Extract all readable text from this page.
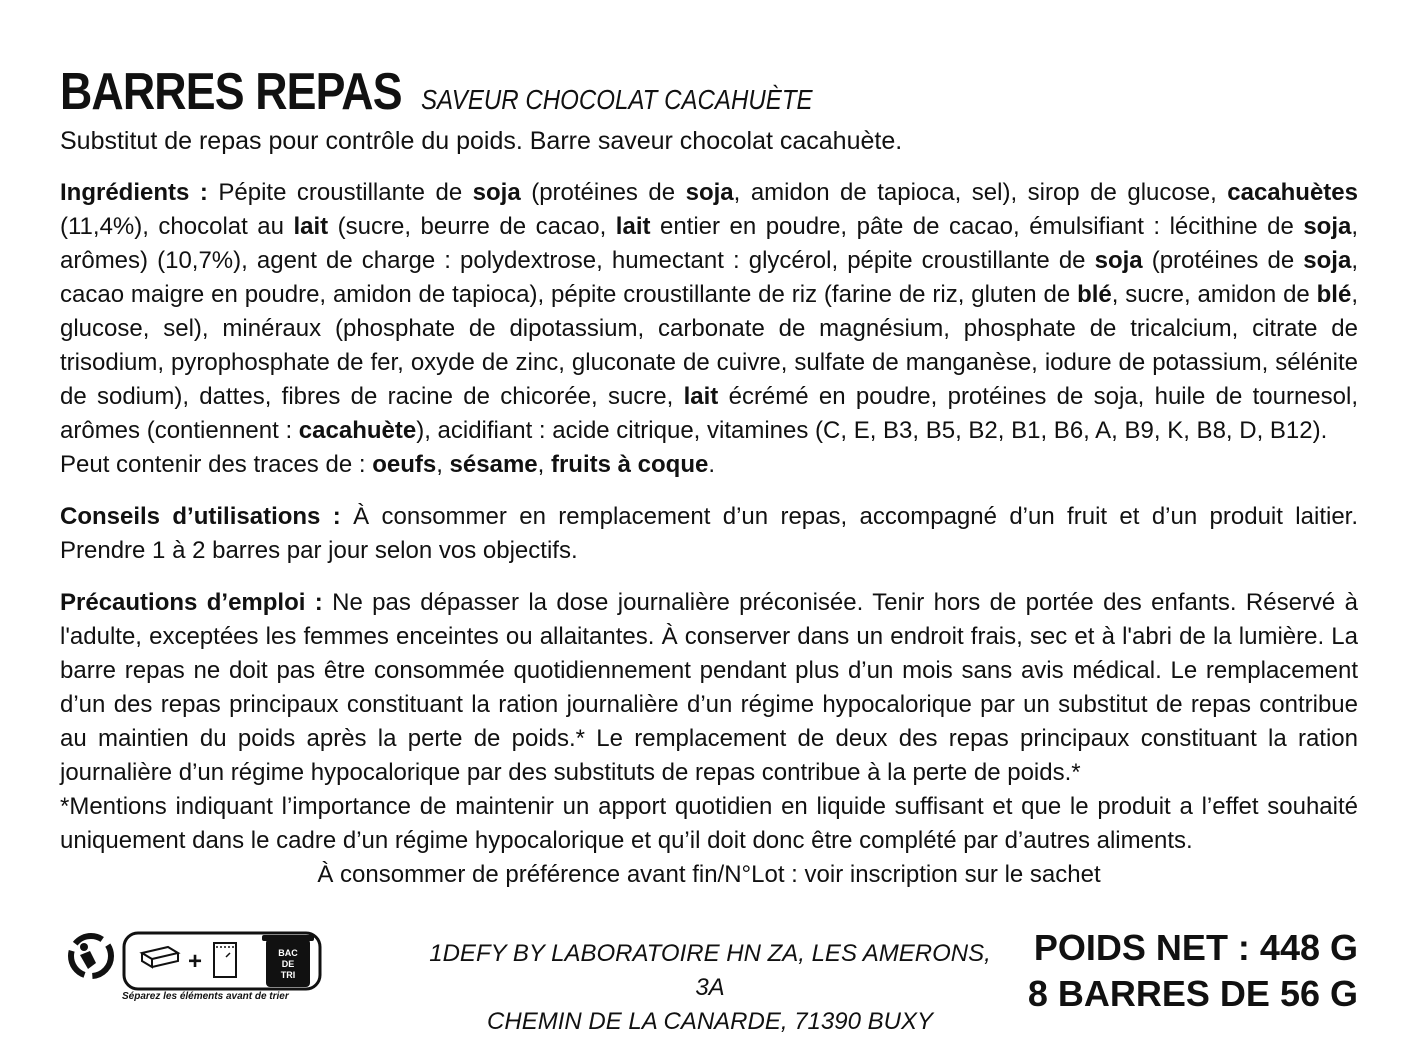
BARRES REPAS SAVEUR CHOCOLAT CACAHUÈTE

Substitut de repas pour contrôle du poids. Barre saveur chocolat cacahuète.

Ingrédients : Pépite croustillante de soja (protéines de soja, amidon de tapioca, sel), sirop de glucose, cacahuètes (11,4%), chocolat au lait (sucre, beurre de cacao, lait entier en poudre, pâte de cacao, émulsifiant : lécithine de soja, arômes) (10,7%), agent de charge : polydextrose, humectant : glycérol, pépite croustillante de soja (protéines de soja, cacao maigre en poudre, amidon de tapioca), pépite croustillante de riz (farine de riz, gluten de blé, sucre, amidon de blé, glucose, sel), minéraux (phosphate de dipotassium, carbonate de magnésium, phosphate de tricalcium, citrate de trisodium, pyrophosphate de fer, oxyde de zinc, gluconate de cuivre, sulfate de manganèse, iodure de potassium, sélénite de sodium), dattes, fibres de racine de chicorée, sucre, lait écrémé en poudre, protéines de soja, huile de tournesol, arômes (contiennent : cacahuète), acidifiant : acide citrique, vitamines (C, E, B3, B5, B2, B1, B6, A, B9, K, B8, D, B12).

Peut contenir des traces de : oeufs, sésame, fruits à coque.

Conseils d’utilisations : À consommer en remplacement d’un repas, accompagné d’un fruit et d’un produit laitier. Prendre 1 à 2 barres par jour selon vos objectifs.

Précautions d’emploi : Ne pas dépasser la dose journalière préconisée. Tenir hors de portée des enfants. Réservé à l'adulte, exceptées les femmes enceintes ou allaitantes. À conserver dans un endroit frais, sec et à l'abri de la lumière. La barre repas ne doit pas être consommée quotidiennement pendant plus d’un mois sans avis médical. Le remplacement d’un des repas principaux constituant la ration journalière d’un régime hypocalorique par un substitut de repas contribue au maintien du poids après la perte de poids.* Le remplacement de deux des repas principaux constituant la ration journalière d’un régime hypocalorique par des substituts de repas contribue à la perte de poids.*

*Mentions indiquant l’importance de maintenir un apport quotidien en liquide suffisant et que le produit a l’effet souhaité uniquement dans le cadre d’un régime hypocalorique et qu’il doit donc être complété par d’autres aliments.

À consommer de préférence avant fin/N°Lot : voir inscription sur le sachet

+	BAC
DE
TRI
Séparez les éléments avant de trier
1DEFY BY LABORATOIRE HN ZA, LES AMERONS, 3A
CHEMIN DE LA CANARDE, 71390 BUXY
POIDS NET : 448 G
8 BARRES DE 56 G
